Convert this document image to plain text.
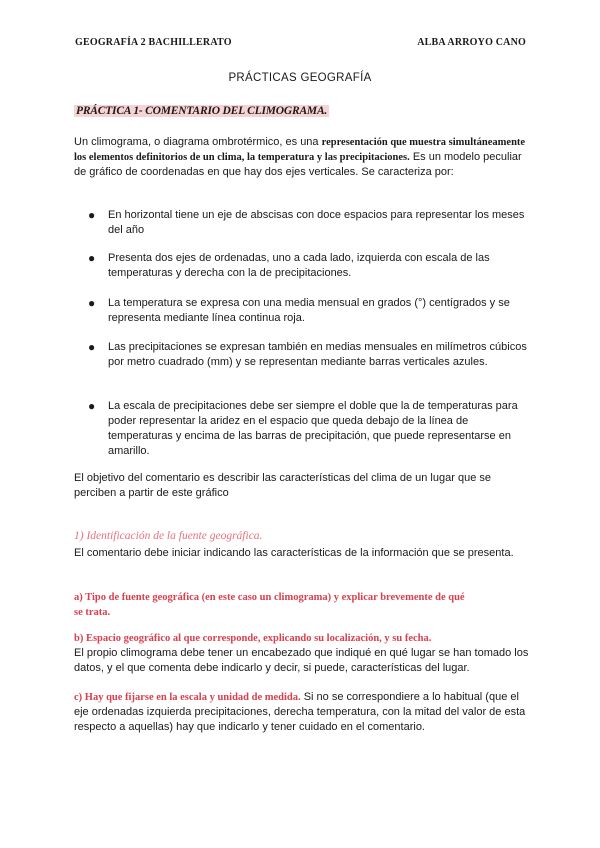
GEOGRAFÍA 2 BACHILLERATO	ALBA ARROYO CANO
PRÁCTICAS GEOGRAFÍA
PRÁCTICA 1- COMENTARIO DEL CLIMOGRAMA.
Un climograma, o diagrama ombrotérmico, es una representación que muestra simultáneamente los elementos definitorios de un clima, la temperatura y las precipitaciones. Es un modelo peculiar de gráfico de coordenadas en que hay dos ejes verticales. Se caracteriza por:
● En horizontal tiene un eje de abscisas con doce espacios para representar los meses del año
● Presenta dos ejes de ordenadas, uno a cada lado, izquierda con escala de las temperaturas y derecha con la de precipitaciones.
● La temperatura se expresa con una media mensual en grados (°) centígrados y se representa mediante línea continua roja.
● Las precipitaciones se expresan también en medias mensuales en milímetros cúbicos por metro cuadrado (mm) y se representan mediante barras verticales azules.
● La escala de precipitaciones debe ser siempre el doble que la de temperaturas para poder representar la aridez en el espacio que queda debajo de la línea de temperaturas y encima de las barras de precipitación, que puede representarse en amarillo.
El objetivo del comentario es describir las características del clima de un lugar que se perciben a partir de este gráfico
1) Identificación de la fuente geográfica.
El comentario debe iniciar indicando las características de la información que se presenta.
a) Tipo de fuente geográfica (en este caso un climograma) y explicar brevemente de qué se trata.
b) Espacio geográfico al que corresponde, explicando su localización, y su fecha.
El propio climograma debe tener un encabezado que indiqué en qué lugar se han tomado los datos, y el que comenta debe indicarlo y decir, si puede, características del lugar.
c) Hay que fijarse en la escala y unidad de medida. Si no se correspondiere a lo habitual (que el eje ordenadas izquierda precipitaciones, derecha temperatura, con la mitad del valor de esta respecto a aquellas) hay que indicarlo y tener cuidado en el comentario.
